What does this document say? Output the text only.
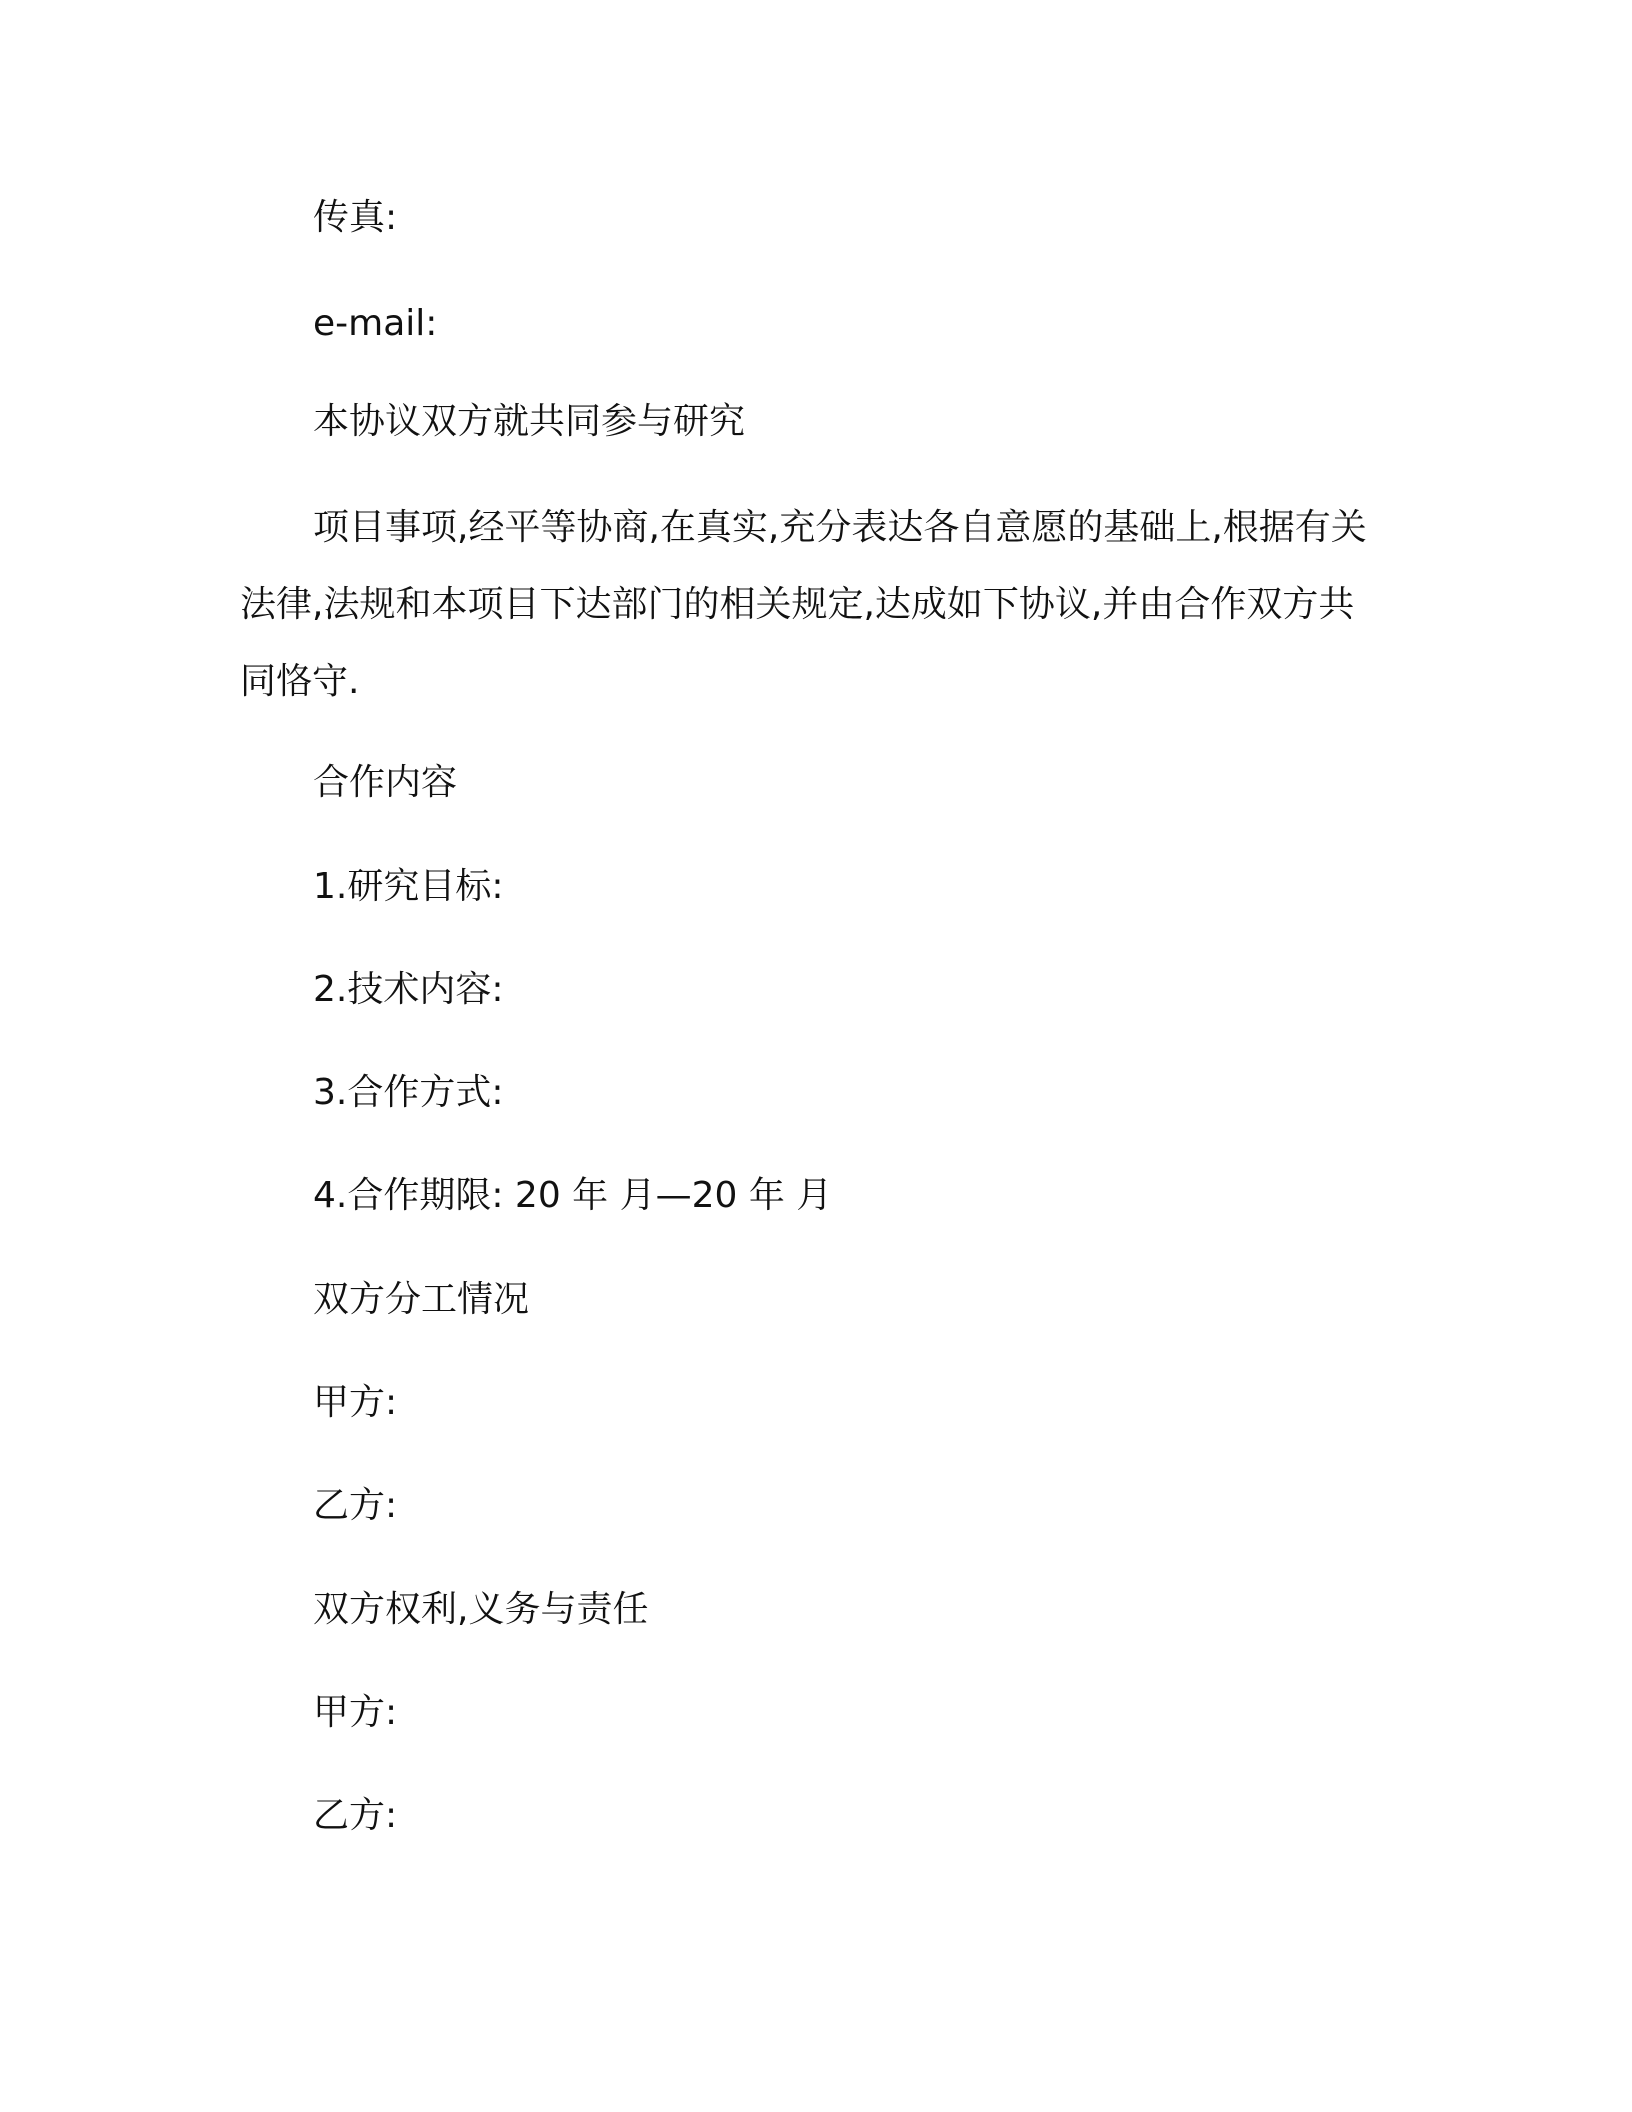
传真:
e-mail:
本协议双方就共同参与研究

项目事项,经平等协商,在真实,充分表达各自意愿的基础上,根据有关法律,法规和本项目下达部门的相关规定,达成如下协议,并由合作双方共同恪守.

合作内容
1.研究目标:
2.技术内容:
3.合作方式:
4.合作期限: 20 年 月—20 年 月
双方分工情况
甲方:
乙方:
双方权利,义务与责任
甲方:
乙方:
